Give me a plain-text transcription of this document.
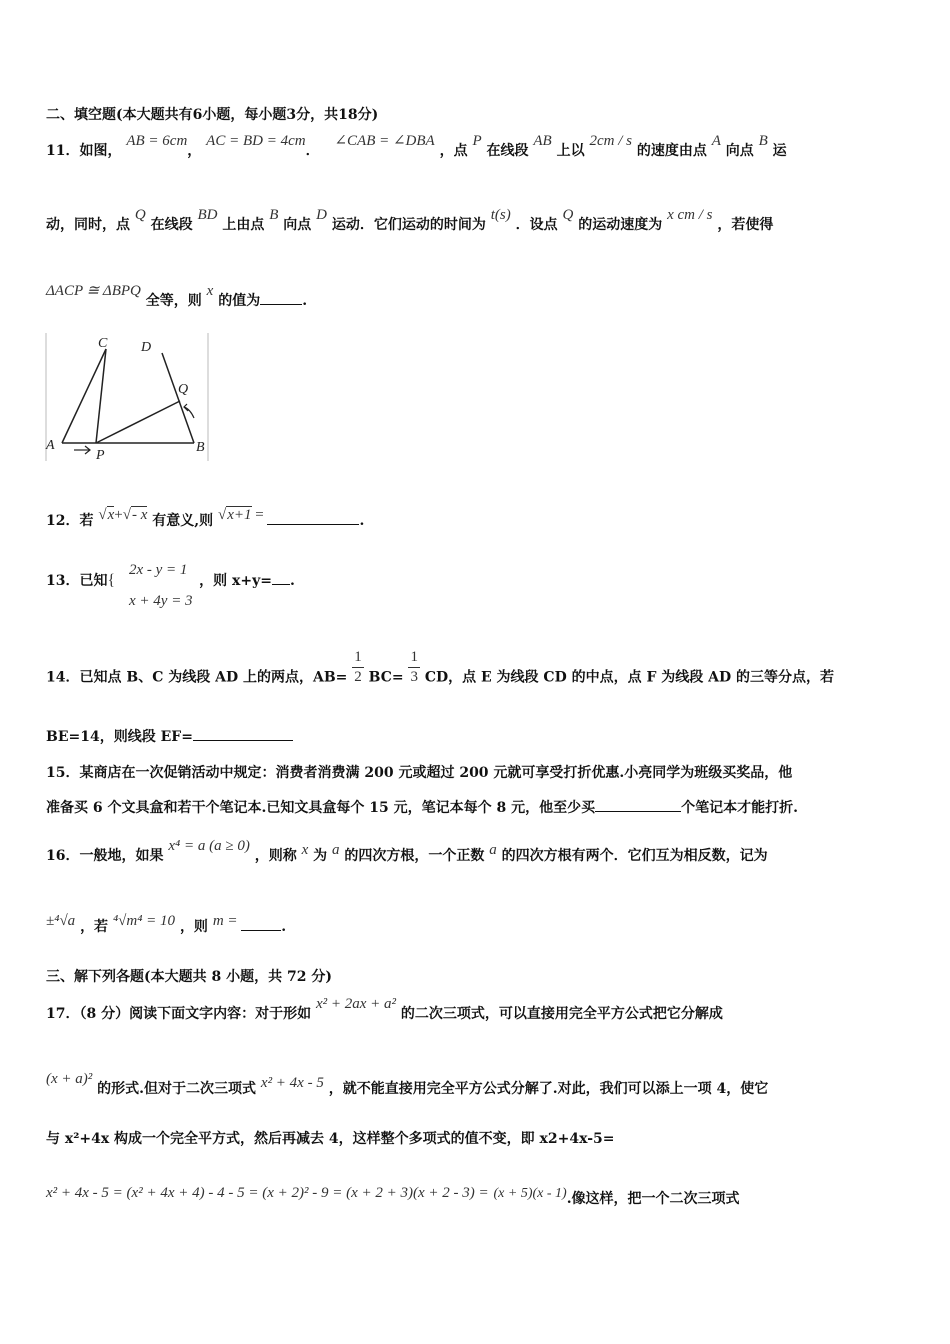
二、填空题(本大题共有6小题，每小题3分，共18分)
11．如图， AB = 6cm， AC = BD = 4cm． ∠CAB = ∠DBA ，点 P 在线段 AB 上以 2cm / s 的速度由点 A 向点 B 运
动，同时，点 Q 在线段 BD 上由点 B 向点 D 运动．它们运动的时间为 t(s) ．设点 Q 的运动速度为 x cm / s ，若使得
ΔACP ≅ ΔBPQ 全等，则 x 的值为	.
C D
Q
A
P
B
12．若 √x+√- x 有意义,则 √x+1 =	.
13．已知{	，则 x+y= .
2x - y = 1
x + 4y = 3
14．已知点 B、C 为线段 AD 上的两点，$AB= \frac{1}{2} BC= \frac{1}{3}$ CD，点 E 为线段 CD 的中点，点 F 为线段 AD 的三等分点，若
BE=14，则线段 EF=
15．某商店在一次促销活动中规定：消费者消费满 200 元或超过 200 元就可享受打折优惠.小亮同学为班级买奖品，他
准备买 6 个文具盒和若干个笔记本.已知文具盒每个 15 元，笔记本每个 8 元，他至少买	个笔记本才能打折.
16．一般地，如果 x⁴ = a (a ≥ 0) ，则称 x 为 a 的四次方根，一个正数 a 的四次方根有两个．它们互为相反数，记为
±⁴√a ，若 ⁴√m⁴ = 10 ，则 m =	.
三、解下列各题(本大题共 8 小题，共 72 分)
17．（8 分）阅读下面文字内容：对于形如 x² + 2ax + a² 的二次三项式，可以直接用完全平方公式把它分解成
(x + a)² 的形式.但对于二次三项式 x² + 4x - 5 ，就不能直接用完全平方公式分解了.对此，我们可以添上一项 4，使它
与 x²+4x 构成一个完全平方式，然后再减去 4，这样整个多项式的值不变，即 x2+4x-5=
x² + 4x - 5 = (x² + 4x + 4) - 4 - 5 = (x + 2)² - 9 = (x + 2 + 3)(x + 2 - 3) = (x + 5)(x - 1).像这样，把一个二次三项式
